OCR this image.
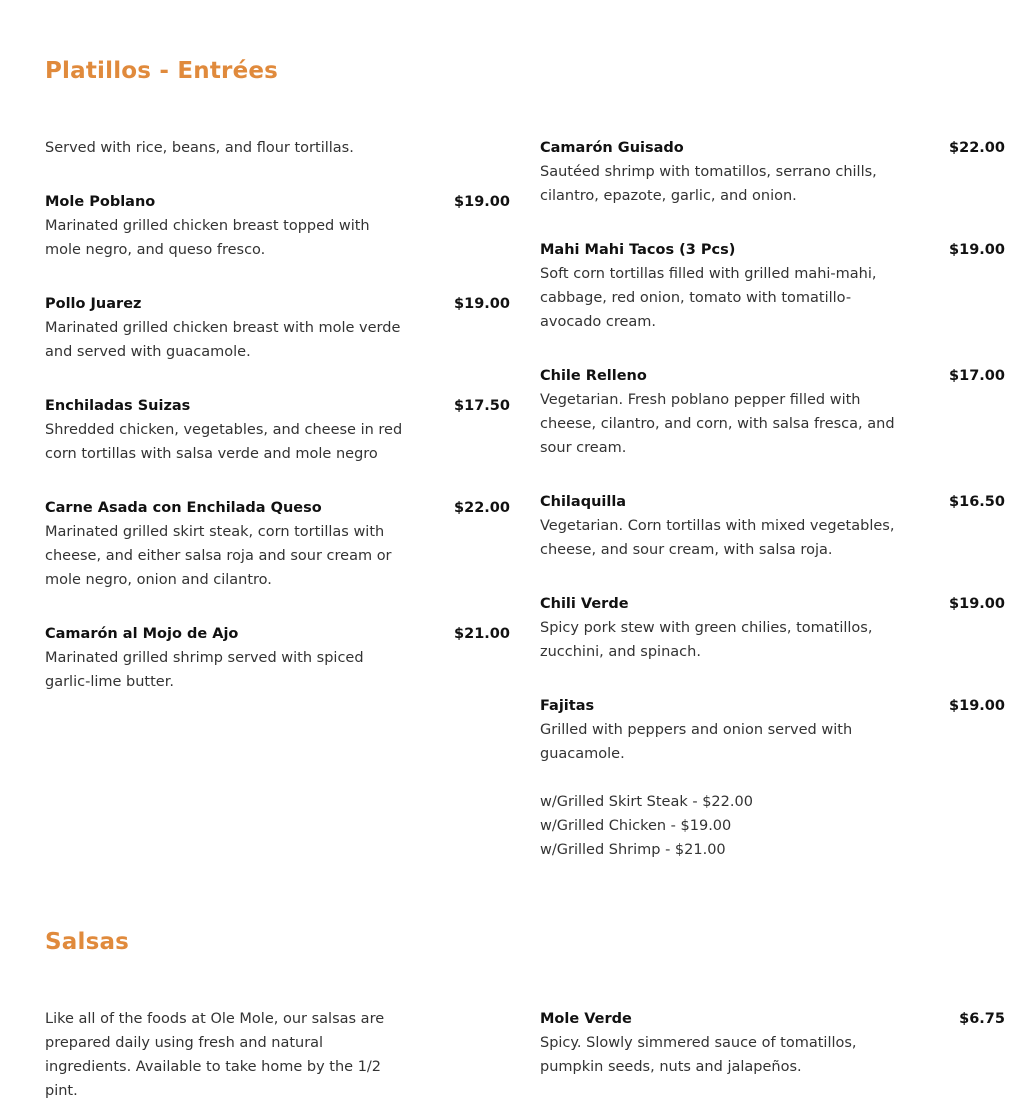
Platillos - Entrées
Served with rice, beans, and flour tortillas.
Mole Poblano	$19.00
Marinated grilled chicken breast topped with mole negro, and queso fresco.
Pollo Juarez	$19.00
Marinated grilled chicken breast with mole verde and served with guacamole.
Enchiladas Suizas	$17.50
Shredded chicken, vegetables, and cheese in red corn tortillas with salsa verde and mole negro
Carne Asada con Enchilada Queso	$22.00
Marinated grilled skirt steak, corn tortillas with cheese, and either salsa roja and sour cream or mole negro, onion and cilantro.
Camarón al Mojo de Ajo	$21.00
Marinated grilled shrimp served with spiced garlic-lime butter.
Camarón Guisado	$22.00
Sautéed shrimp with tomatillos, serrano chills, cilantro, epazote, garlic, and onion.
Mahi Mahi Tacos (3 Pcs)	$19.00
Soft corn tortillas filled with grilled mahi-mahi, cabbage, red onion, tomato with tomatillo-avocado cream.
Chile Relleno	$17.00
Vegetarian. Fresh poblano pepper filled with cheese, cilantro, and corn, with salsa fresca, and sour cream.
Chilaquilla	$16.50
Vegetarian. Corn tortillas with mixed vegetables, cheese, and sour cream, with salsa roja.
Chili Verde	$19.00
Spicy pork stew with green chilies, tomatillos, zucchini, and spinach.
Fajitas	$19.00
Grilled with peppers and onion served with guacamole.
w/Grilled Skirt Steak - $22.00
w/Grilled Chicken - $19.00
w/Grilled Shrimp - $21.00
Salsas
Like all of the foods at Ole Mole, our salsas are prepared daily using fresh and natural ingredients. Available to take home by the 1/2 pint.
Mole Verde	$6.75
Spicy. Slowly simmered sauce of tomatillos, pumpkin seeds, nuts and jalapeños.
